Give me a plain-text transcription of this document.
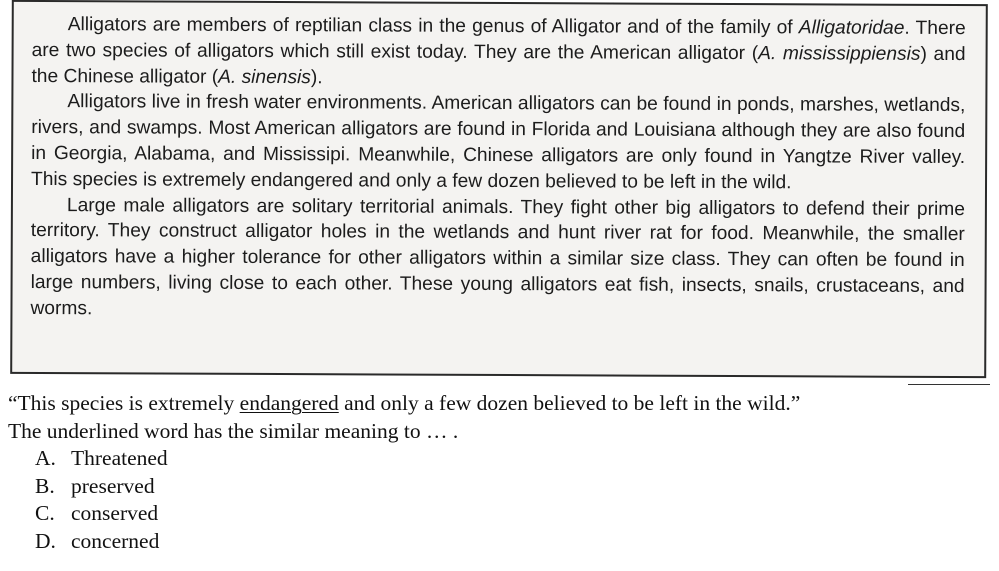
Alligators are members of reptilian class in the genus of Alligator and of the family of Alligatoridae. There are two species of alligators which still exist today. They are the American alligator (A. mississippiensis) and the Chinese alligator (A. sinensis).

Alligators live in fresh water environments. American alligators can be found in ponds, marshes, wetlands, rivers, and swamps. Most American alligators are found in Florida and Louisiana although they are also found in Georgia, Alabama, and Mississipi. Meanwhile, Chinese alligators are only found in Yangtze River valley. This species is extremely endangered and only a few dozen believed to be left in the wild.

Large male alligators are solitary territorial animals. They fight other big alligators to defend their prime territory. They construct alligator holes in the wetlands and hunt river rat for food. Meanwhile, the smaller alligators have a higher tolerance for other alligators within a similar size class. They can often be found in large numbers, living close to each other. These young alligators eat fish, insects, snails, crustaceans, and worms.

“This species is extremely endangered and only a few dozen believed to be left in the wild.”
The underlined word has the similar meaning to … .
A. Threatened
B. preserved
C. conserved
D. concerned
